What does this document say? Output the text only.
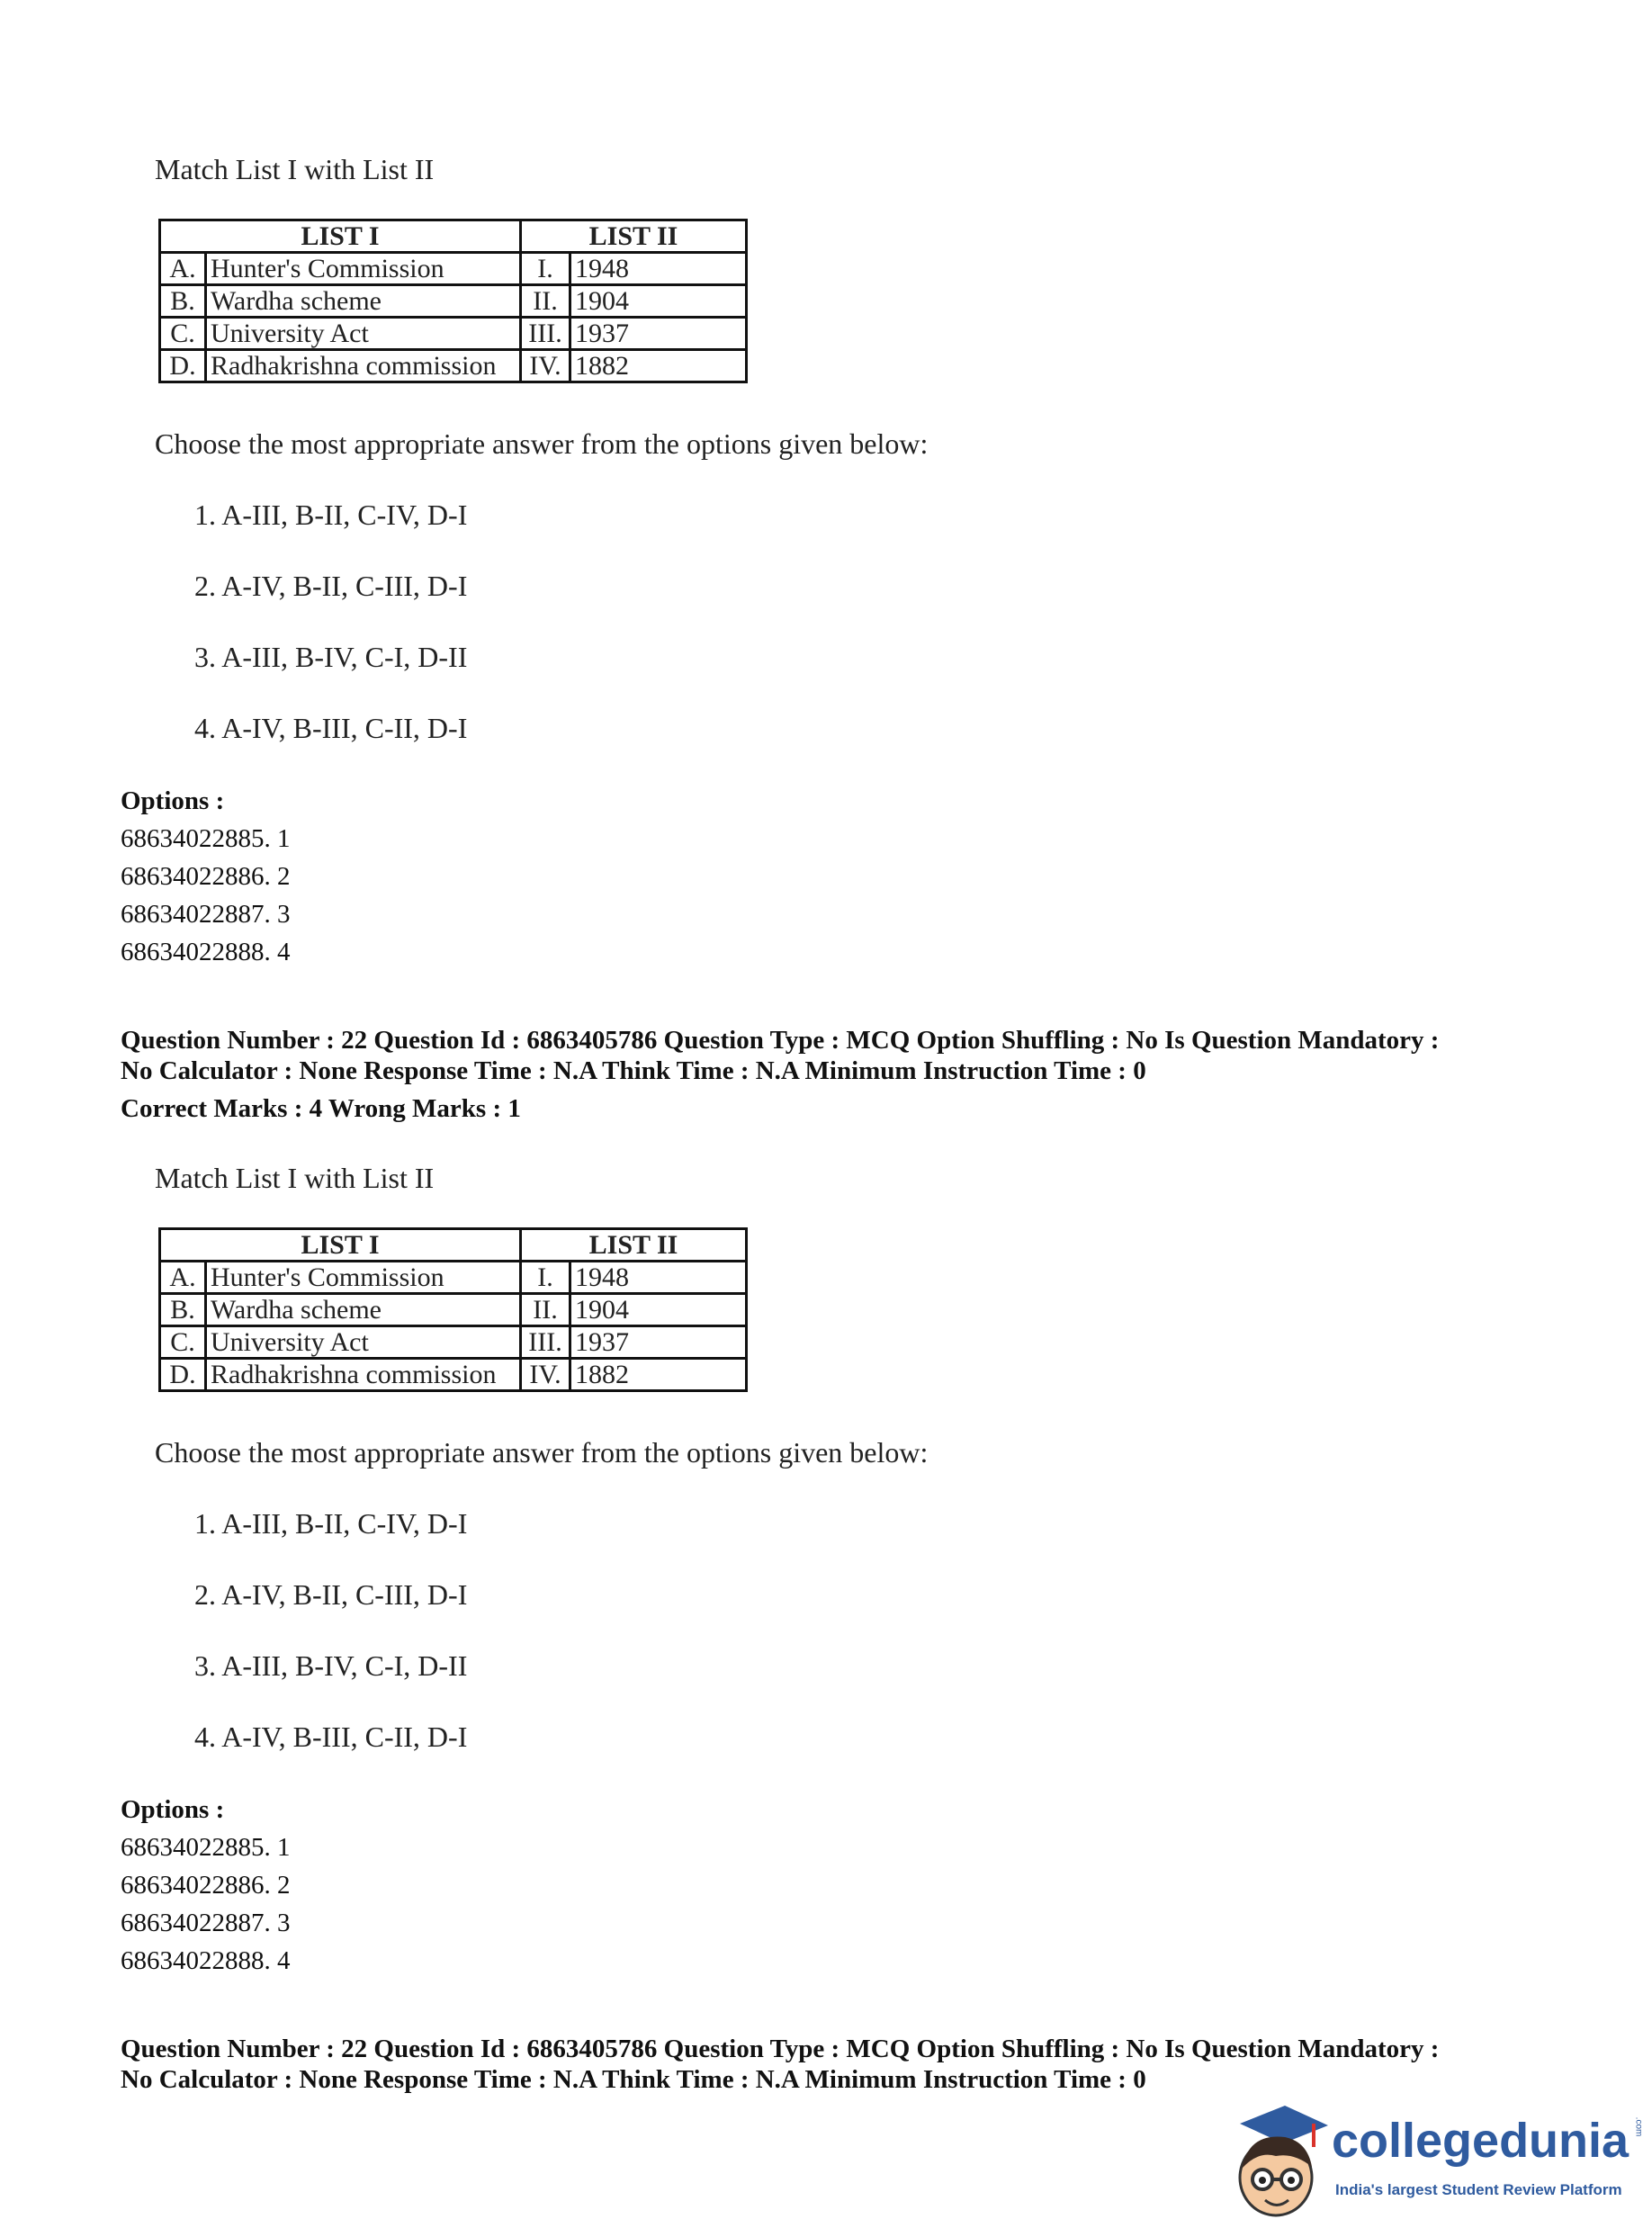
Match List I with List II
LIST I		LIST II	
A.	Hunter's Commission	I.	1948
B.	Wardha scheme	II.	1904
C.	University Act	III.	1937
D.	Radhakrishna commission	IV.	1882
Choose the most appropriate answer from the options given below:
1. A-III, B-II, C-IV, D-I
2. A-IV, B-II, C-III, D-I
3. A-III, B-IV, C-I, D-II
4. A-IV, B-III, C-II, D-I
Options :
68634022885. 1
68634022886. 2
68634022887. 3
68634022888. 4
Question Number : 22 Question Id : 6863405786 Question Type : MCQ Option Shuffling : No Is Question Mandatory :
No Calculator : None Response Time : N.A Think Time : N.A Minimum Instruction Time : 0
Correct Marks : 4 Wrong Marks : 1
Match List I with List II
LIST I		LIST II	
A.	Hunter's Commission	I.	1948
B.	Wardha scheme	II.	1904
C.	University Act	III.	1937
D.	Radhakrishna commission	IV.	1882
Choose the most appropriate answer from the options given below:
1. A-III, B-II, C-IV, D-I
2. A-IV, B-II, C-III, D-I
3. A-III, B-IV, C-I, D-II
4. A-IV, B-III, C-II, D-I
Options :
68634022885. 1
68634022886. 2
68634022887. 3
68634022888. 4
Question Number : 22 Question Id : 6863405786 Question Type : MCQ Option Shuffling : No Is Question Mandatory :
No Calculator : None Response Time : N.A Think Time : N.A Minimum Instruction Time : 0
collegedunia .com
India's largest Student Review Platform
